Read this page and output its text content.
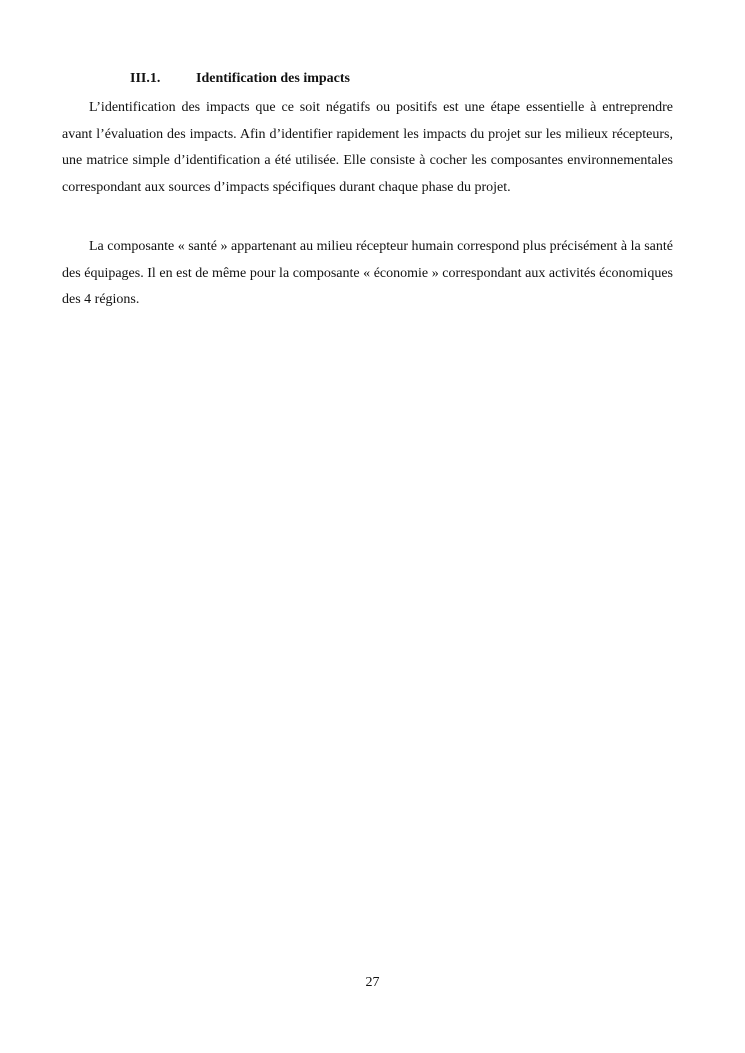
III.1.	Identification des impacts

L’identification des impacts que ce soit négatifs ou positifs est une étape essentielle à entreprendre avant l’évaluation des impacts. Afin d’identifier rapidement les impacts du projet sur les milieux récepteurs, une matrice simple d’identification a été utilisée. Elle consiste à cocher les composantes environnementales correspondant aux sources d’impacts spécifiques durant chaque phase du projet.

La composante « santé » appartenant au milieu récepteur humain correspond plus précisément à la santé des équipages. Il en est de même pour la composante « économie » correspondant aux activités économiques des 4 régions.

27
